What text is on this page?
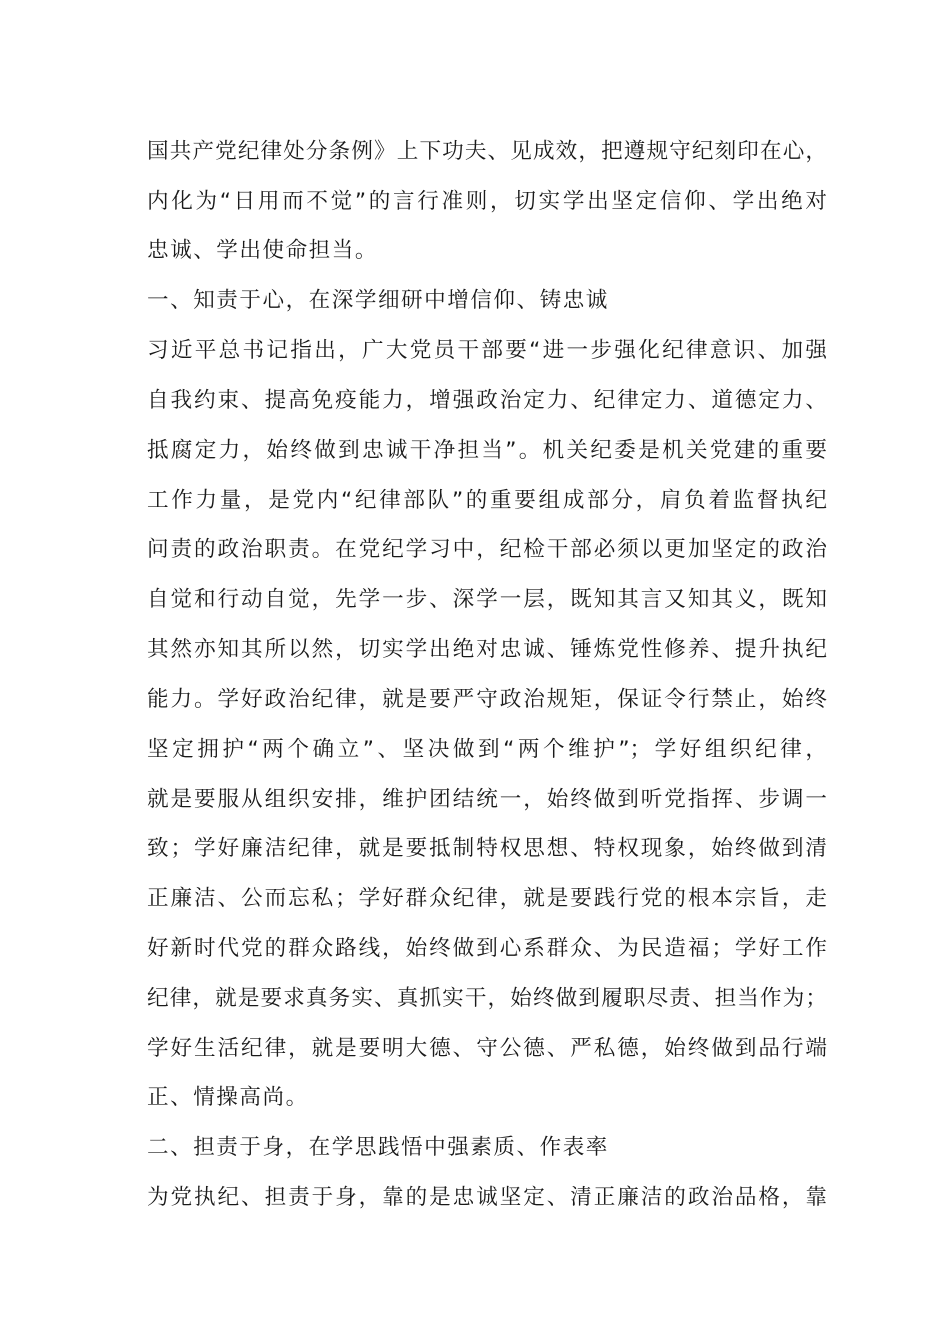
国共产党纪律处分条例》上下功夫、见成效，把遵规守纪刻印在心，
内化为“日用而不觉”的言行准则，切实学出坚定信仰、学出绝对
忠诚、学出使命担当。
一、知责于心，在深学细研中增信仰、铸忠诚
习近平总书记指出，广大党员干部要“进一步强化纪律意识、加强
自我约束、提高免疫能力，增强政治定力、纪律定力、道德定力、
抵腐定力，始终做到忠诚干净担当”。机关纪委是机关党建的重要
工作力量，是党内“纪律部队”的重要组成部分，肩负着监督执纪
问责的政治职责。在党纪学习中，纪检干部必须以更加坚定的政治
自觉和行动自觉，先学一步、深学一层，既知其言又知其义，既知
其然亦知其所以然，切实学出绝对忠诚、锤炼党性修养、提升执纪
能力。学好政治纪律，就是要严守政治规矩，保证令行禁止，始终
坚定拥护“两个确立”、坚决做到“两个维护”；学好组织纪律，
就是要服从组织安排，维护团结统一，始终做到听党指挥、步调一
致；学好廉洁纪律，就是要抵制特权思想、特权现象，始终做到清
正廉洁、公而忘私；学好群众纪律，就是要践行党的根本宗旨，走
好新时代党的群众路线，始终做到心系群众、为民造福；学好工作
纪律，就是要求真务实、真抓实干，始终做到履职尽责、担当作为；
学好生活纪律，就是要明大德、守公德、严私德，始终做到品行端
正、情操高尚。
二、担责于身，在学思践悟中强素质、作表率
为党执纪、担责于身，靠的是忠诚坚定、清正廉洁的政治品格，靠
